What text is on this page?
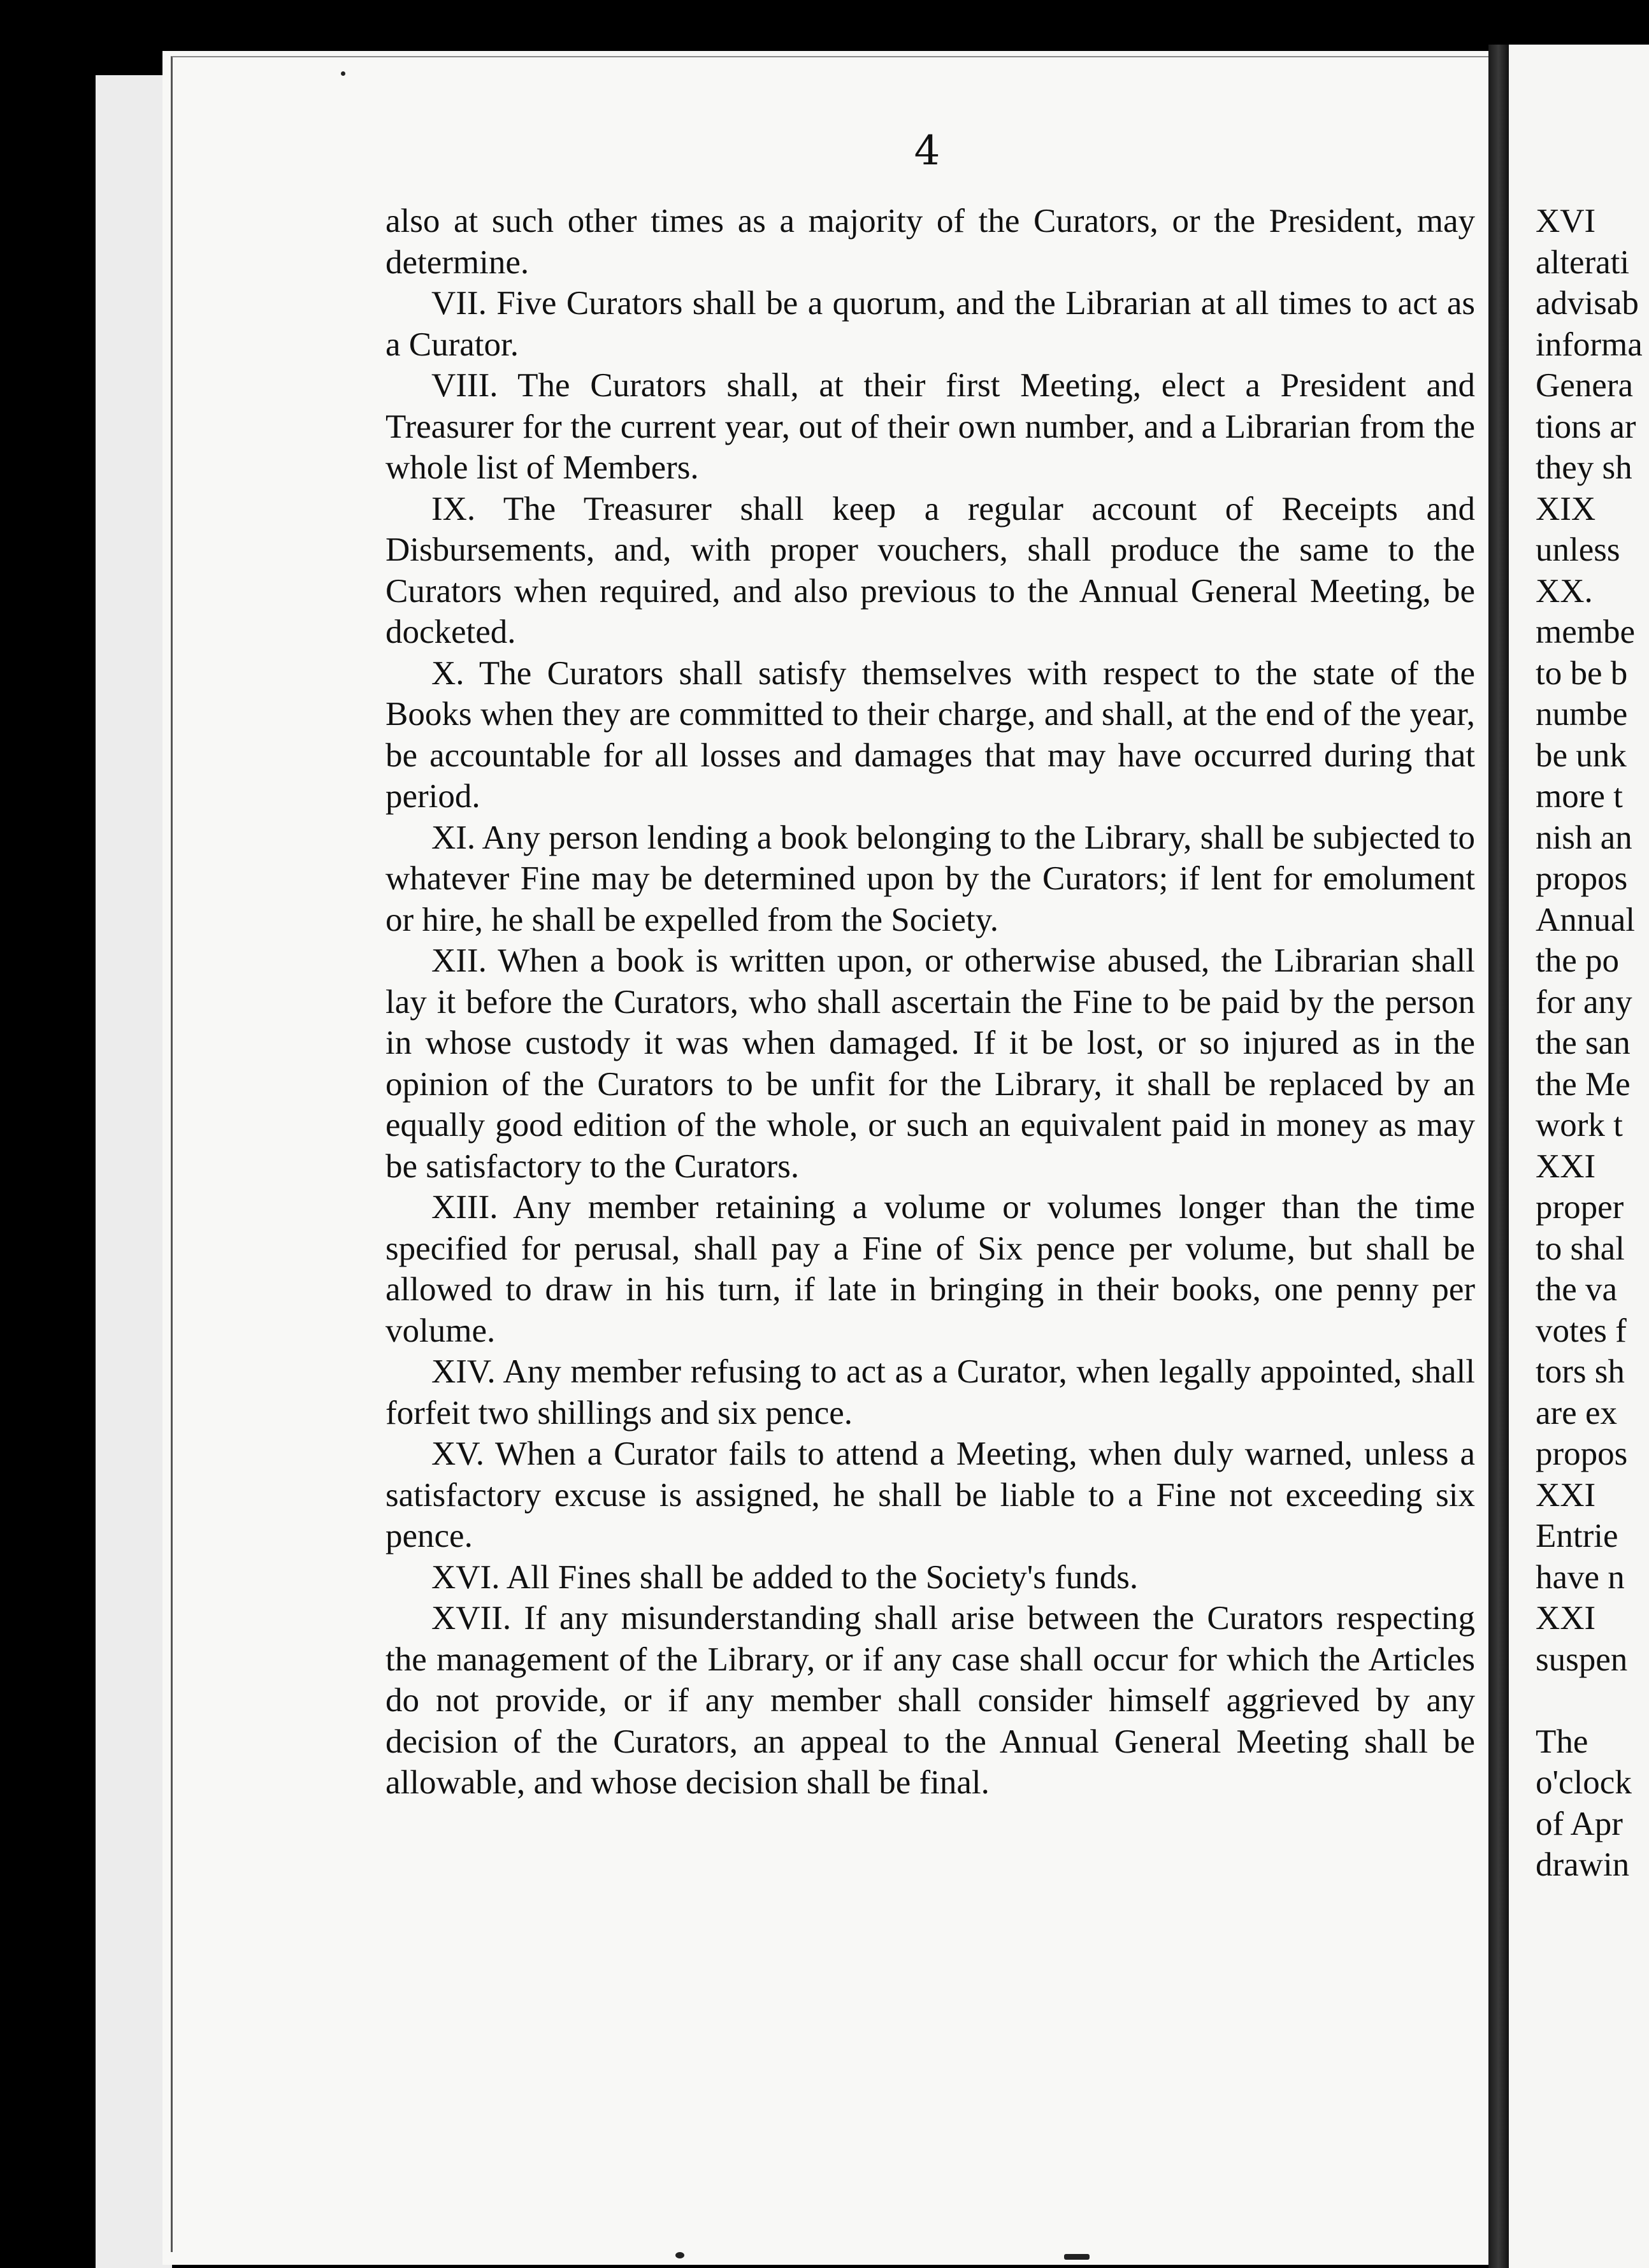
4

also at such other times as a majority of the Curators, or the President, may determine.

VII. Five Curators shall be a quorum, and the Librarian at all times to act as a Curator.

VIII. The Curators shall, at their first Meeting, elect a President and Treasurer for the current year, out of their own number, and a Librarian from the whole list of Members.

IX. The Treasurer shall keep a regular account of Receipts and Disbursements, and, with proper vouchers, shall produce the same to the Curators when required, and also previous to the Annual General Meeting, be docketed.

X. The Curators shall satisfy themselves with respect to the state of the Books when they are committed to their charge, and shall, at the end of the year, be accountable for all losses and damages that may have occurred during that period.

XI. Any person lending a book belonging to the Library, shall be subjected to whatever Fine may be determined upon by the Curators; if lent for emolument or hire, he shall be expelled from the Society.

XII. When a book is written upon, or otherwise abused, the Librarian shall lay it before the Curators, who shall ascertain the Fine to be paid by the person in whose custody it was when damaged. If it be lost, or so injured as in the opinion of the Curators to be unfit for the Library, it shall be replaced by an equally good edition of the whole, or such an equivalent paid in money as may be satisfactory to the Curators.

XIII. Any member retaining a volume or volumes longer than the time specified for perusal, shall pay a Fine of Six pence per volume, but shall be allowed to draw in his turn, if late in bringing in their books, one penny per volume.

XIV. Any member refusing to act as a Curator, when legally appointed, shall forfeit two shillings and six pence.

XV. When a Curator fails to attend a Meeting, when duly warned, unless a satisfactory excuse is assigned, he shall be liable to a Fine not exceeding six pence.

XVI. All Fines shall be added to the Society's funds.

XVII. If any misunderstanding shall arise between the Curators respecting the management of the Library, or if any case shall occur for which the Articles do not provide, or if any member shall consider himself aggrieved by any decision of the Curators, an appeal to the Annual General Meeting shall be allowable, and whose decision shall be final.

XVI
alterati
advisab
informa
Genera
tions ar
they sh
XIX
unless
XX.
membe
to be b
numbe
be unk
more t
nish an
propos
Annual
the po
for any
the san
the Me
work t
XXI
proper
to shal
the va
votes f
tors sh
are ex
propos
XXI
Entrie
have n
XXI
suspen
The
o'clock
of Apr
drawin
